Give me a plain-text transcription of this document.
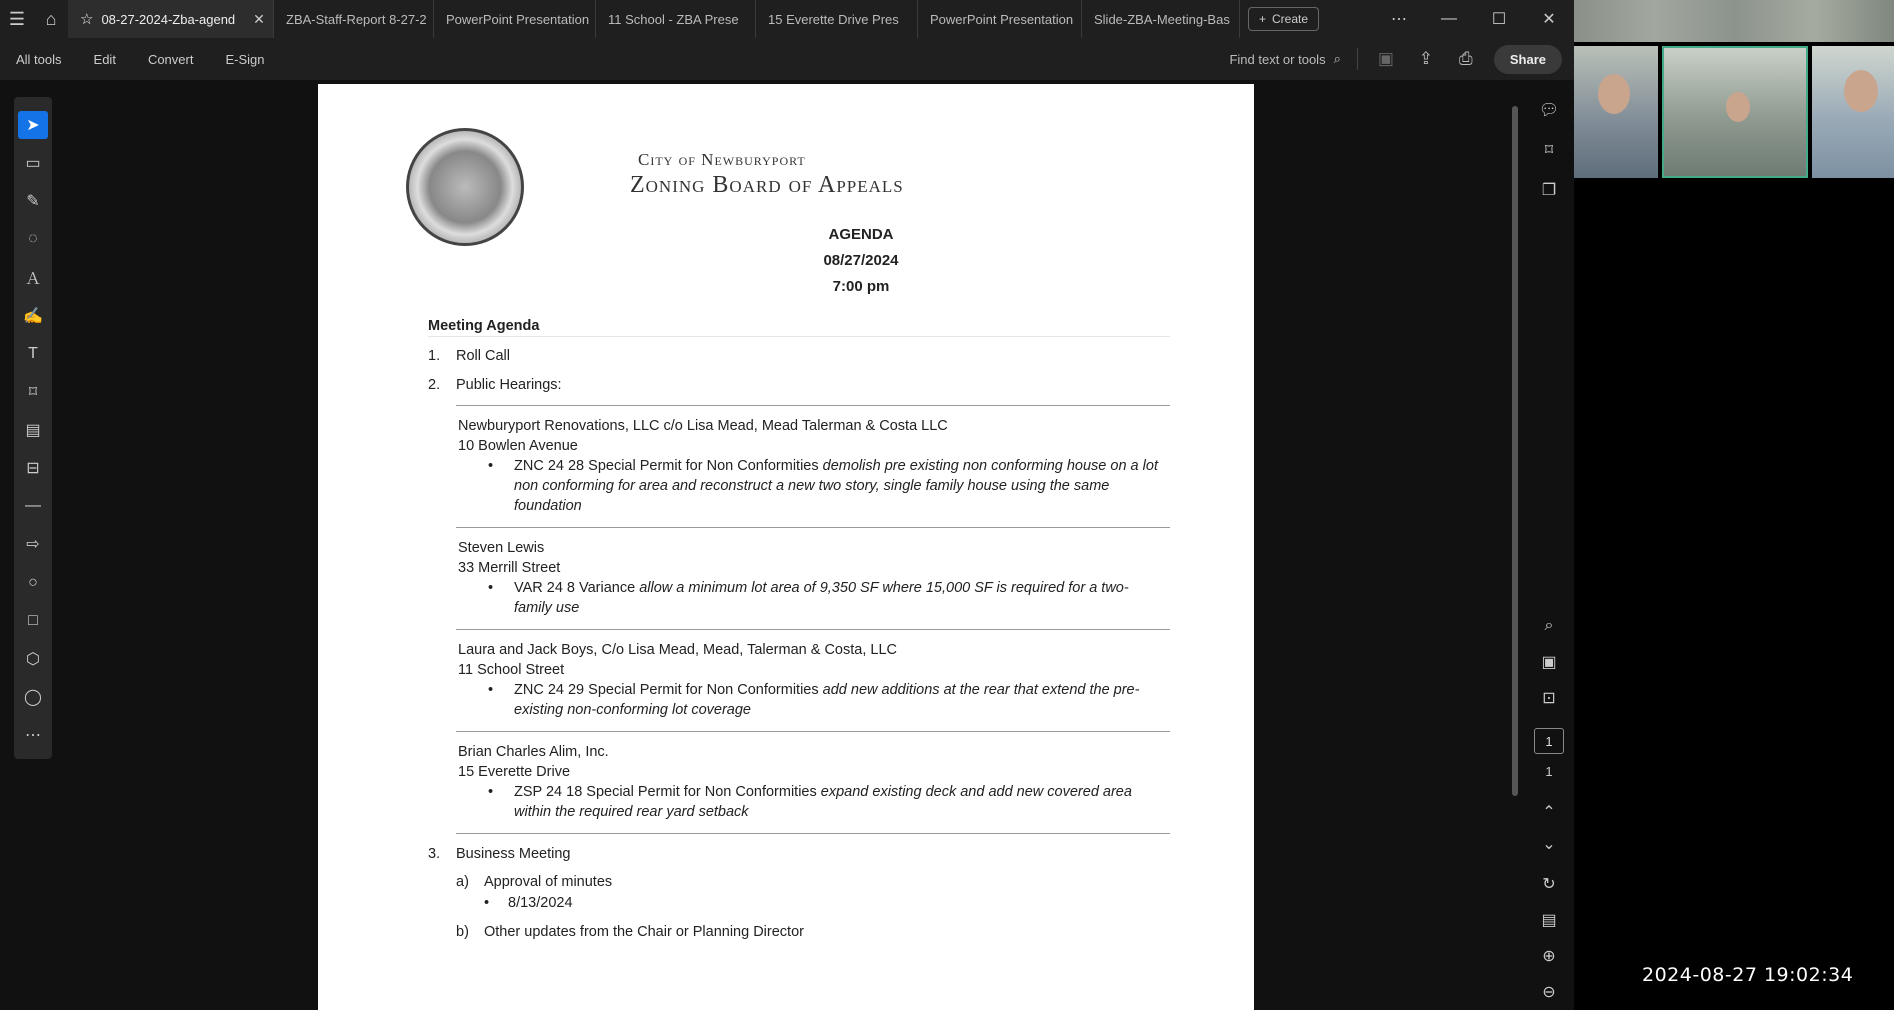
☰	⌂	☆ 08-27-2024-Zba-agend ✕ ZBA-Staff-Report 8-27-2 PowerPoint Presentation 11 School - ZBA Prese 15 Everette Drive Pres PowerPoint Presentation Slide-ZBA-Meeting-Bas + Create	⋯	—	☐	✕
All tools	Edit	Convert	E-Sign	Find text or tools ⌕ ▣ ⇪	⎙	Share
City of Newburyport
Zoning Board of Appeals
AGENDA
08/27/2024
7:00 pm
Meeting Agenda
1.	Roll Call
2.	Public Hearings:
Newburyport Renovations, LLC c/o Lisa Mead, Mead Talerman & Costa LLC
10 Bowlen Avenue
•	ZNC 24 28 Special Permit for Non Conformities demolish pre existing non conforming house on a lot non conforming for area and reconstruct a new two story, single family house using the same foundation
Steven Lewis
33 Merrill Street
•	VAR 24 8 Variance allow a minimum lot area of 9,350 SF where 15,000 SF is required for a two-family use
Laura and Jack Boys, C/o Lisa Mead, Mead, Talerman & Costa, LLC
11 School Street
•	ZNC 24 29 Special Permit for Non Conformities add new additions at the rear that extend the pre-existing non-conforming lot coverage
Brian Charles Alim, Inc.
15 Everette Drive
•	ZSP 24 18 Special Permit for Non Conformities expand existing deck and add new covered area within the required rear yard setback
3.	Business Meeting
a)	Approval of minutes
•	8/13/2024
b)	Other updates from the Chair or Planning Director
➤
▭
✎
◌
Ａ
✍
T
⌑
▤
⊟
—
⇨
○
□
⬡
◯
⋯
💬︎
⌑
❐
⌕
▣
⊡
1
1
⌃
⌄
↻
▤
⊕
⊖
2024-08-27 19:02:34
